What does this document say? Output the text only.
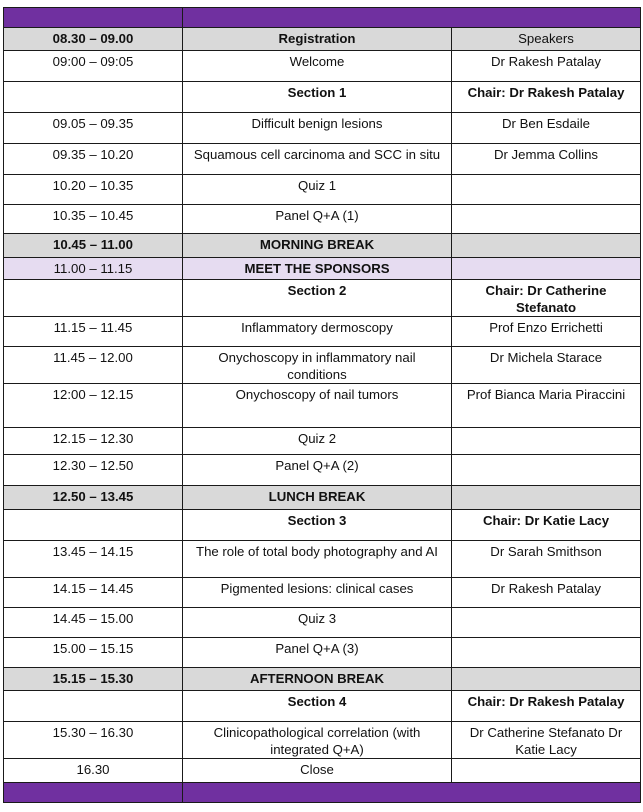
08.30 – 09.00	Registration	Speakers
09:00 – 09:05	Welcome	Dr Rakesh Patalay
	Section 1	Chair: Dr Rakesh Patalay
09.05 – 09.35	Difficult benign lesions	Dr Ben Esdaile
09.35 – 10.20	Squamous cell carcinoma and SCC in situ	Dr Jemma Collins
10.20 – 10.35	Quiz 1	
10.35 – 10.45	Panel Q+A (1)	
10.45 – 11.00	MORNING BREAK	
11.00 – 11.15	MEET THE SPONSORS	
	Section 2	Chair: Dr Catherine Stefanato
11.15 – 11.45	Inflammatory dermoscopy	Prof Enzo Errichetti
11.45 – 12.00	Onychoscopy in inflammatory nail conditions	Dr Michela Starace
12:00 – 12.15	Onychoscopy of nail tumors	Prof Bianca Maria Piraccini
12.15 – 12.30	Quiz 2	
12.30 – 12.50	Panel Q+A (2)	
12.50 – 13.45	LUNCH BREAK	
	Section 3	Chair: Dr Katie Lacy
13.45 – 14.15	The role of total body photography and AI	Dr Sarah Smithson
14.15 – 14.45	Pigmented lesions: clinical cases	Dr Rakesh Patalay
14.45 – 15.00	Quiz 3	
15.00 – 15.15	Panel Q+A (3)	
15.15 – 15.30	AFTERNOON BREAK	
	Section 4	Chair: Dr Rakesh Patalay
15.30 – 16.30	Clinicopathological correlation (with integrated Q+A)	Dr Catherine Stefanato Dr Katie Lacy
16.30	Close	
